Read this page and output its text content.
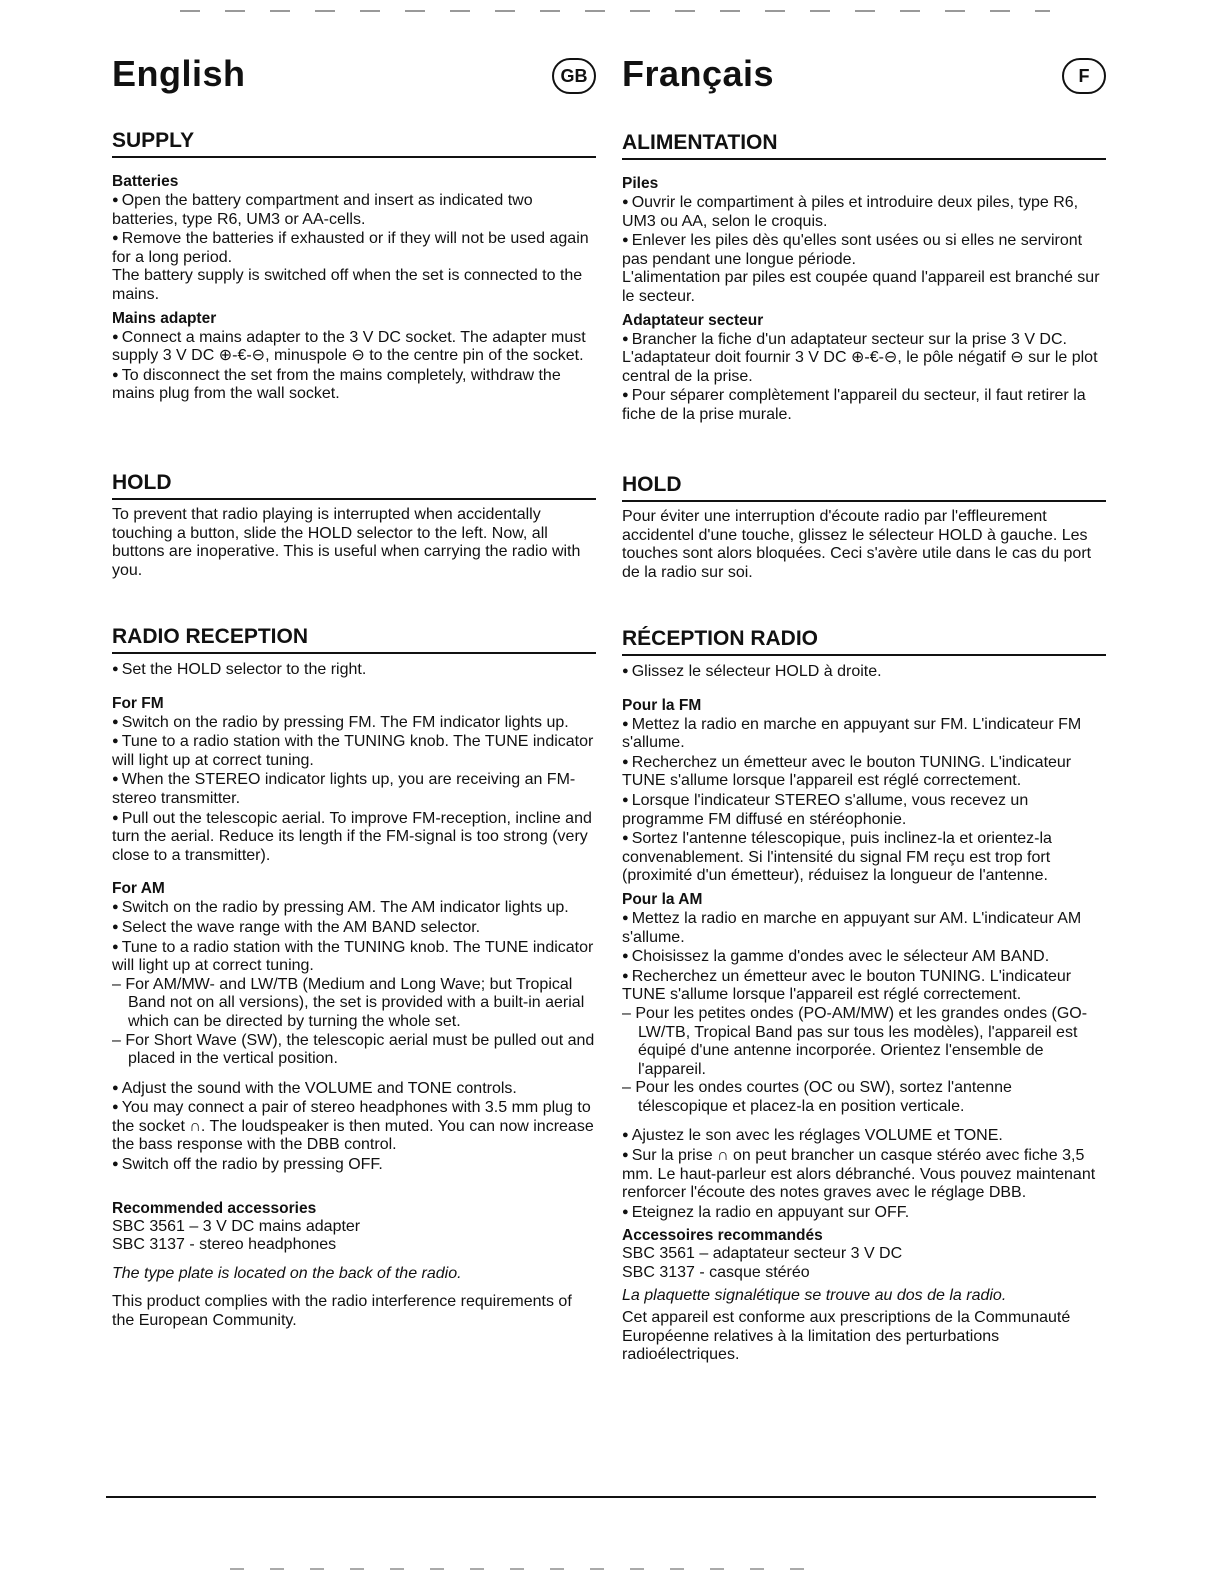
English	GB
SUPPLY
Batteries

● Open the battery compartment and insert as indicated two batteries, type R6, UM3 or AA-cells.

● Remove the batteries if exhausted or if they will not be used again for a long period.

The battery supply is switched off when the set is connected to the mains.

Mains adapter

● Connect a mains adapter to the 3 V DC socket. The adapter must supply 3 V DC ⊕-€-⊖, minuspole ⊖ to the centre pin of the socket.

● To disconnect the set from the mains completely, withdraw the mains plug from the wall socket.

HOLD

To prevent that radio playing is interrupted when accidentally touching a button, slide the HOLD selector to the left. Now, all buttons are inoperative. This is useful when carrying the radio with you.

RADIO RECEPTION

● Set the HOLD selector to the right.

For FM

● Switch on the radio by pressing FM. The FM indicator lights up.

● Tune to a radio station with the TUNING knob. The TUNE indicator will light up at correct tuning.

● When the STEREO indicator lights up, you are receiving an FM-stereo transmitter.

● Pull out the telescopic aerial. To improve FM-reception, incline and turn the aerial. Reduce its length if the FM-signal is too strong (very close to a transmitter).

For AM

● Switch on the radio by pressing AM. The AM indicator lights up.

● Select the wave range with the AM BAND selector.

● Tune to a radio station with the TUNING knob. The TUNE indicator will light up at correct tuning.

– For AM/MW- and LW/TB (Medium and Long Wave; but Tropical Band not on all versions), the set is provided with a built-in aerial which can be directed by turning the whole set.

– For Short Wave (SW), the telescopic aerial must be pulled out and placed in the vertical position.

● Adjust the sound with the VOLUME and TONE controls.

● You may connect a pair of stereo headphones with 3.5 mm plug to the socket ∩. The loudspeaker is then muted. You can now increase the bass response with the DBB control.

● Switch off the radio by pressing OFF.

Recommended accessories

SBC 3561 – 3 V DC mains adapter

SBC 3137 - stereo headphones

The type plate is located on the back of the radio.

This product complies with the radio interference requirements of the European Community.

Français	F
ALIMENTATION
Piles

● Ouvrir le compartiment à piles et introduire deux piles, type R6, UM3 ou AA, selon le croquis.

● Enlever les piles dès qu'elles sont usées ou si elles ne serviront pas pendant une longue période.

L'alimentation par piles est coupée quand l'appareil est branché sur le secteur.

Adaptateur secteur

● Brancher la fiche d'un adaptateur secteur sur la prise 3 V DC. L'adaptateur doit fournir 3 V DC ⊕-€-⊖, le pôle négatif ⊖ sur le plot central de la prise.

● Pour séparer complètement l'appareil du secteur, il faut retirer la fiche de la prise murale.

HOLD

Pour éviter une interruption d'écoute radio par l'effleurement accidentel d'une touche, glissez le sélecteur HOLD à gauche. Les touches sont alors bloquées. Ceci s'avère utile dans le cas du port de la radio sur soi.

RÉCEPTION RADIO

● Glissez le sélecteur HOLD à droite.

Pour la FM

● Mettez la radio en marche en appuyant sur FM. L'indicateur FM s'allume.

● Recherchez un émetteur avec le bouton TUNING. L'indicateur TUNE s'allume lorsque l'appareil est réglé correctement.

● Lorsque l'indicateur STEREO s'allume, vous recevez un programme FM diffusé en stéréophonie.

● Sortez l'antenne télescopique, puis inclinez-la et orientez-la convenablement. Si l'intensité du signal FM reçu est trop fort (proximité d'un émetteur), réduisez la longueur de l'antenne.

Pour la AM

● Mettez la radio en marche en appuyant sur AM. L'indicateur AM s'allume.

● Choisissez la gamme d'ondes avec le sélecteur AM BAND.

● Recherchez un émetteur avec le bouton TUNING. L'indicateur TUNE s'allume lorsque l'appareil est réglé correctement.

– Pour les petites ondes (PO-AM/MW) et les grandes ondes (GO-LW/TB, Tropical Band pas sur tous les modèles), l'appareil est équipé d'une antenne incorporée. Orientez l'ensemble de l'appareil.

– Pour les ondes courtes (OC ou SW), sortez l'antenne télescopique et placez-la en position verticale.

● Ajustez le son avec les réglages VOLUME et TONE.

● Sur la prise ∩ on peut brancher un casque stéréo avec fiche 3,5 mm. Le haut-parleur est alors débranché. Vous pouvez maintenant renforcer l'écoute des notes graves avec le réglage DBB.

● Eteignez la radio en appuyant sur OFF.

Accessoires recommandés

SBC 3561 – adaptateur secteur 3 V DC

SBC 3137 - casque stéréo

La plaquette signalétique se trouve au dos de la radio.

Cet appareil est conforme aux prescriptions de la Communauté Européenne relatives à la limitation des perturbations radioélectriques.
